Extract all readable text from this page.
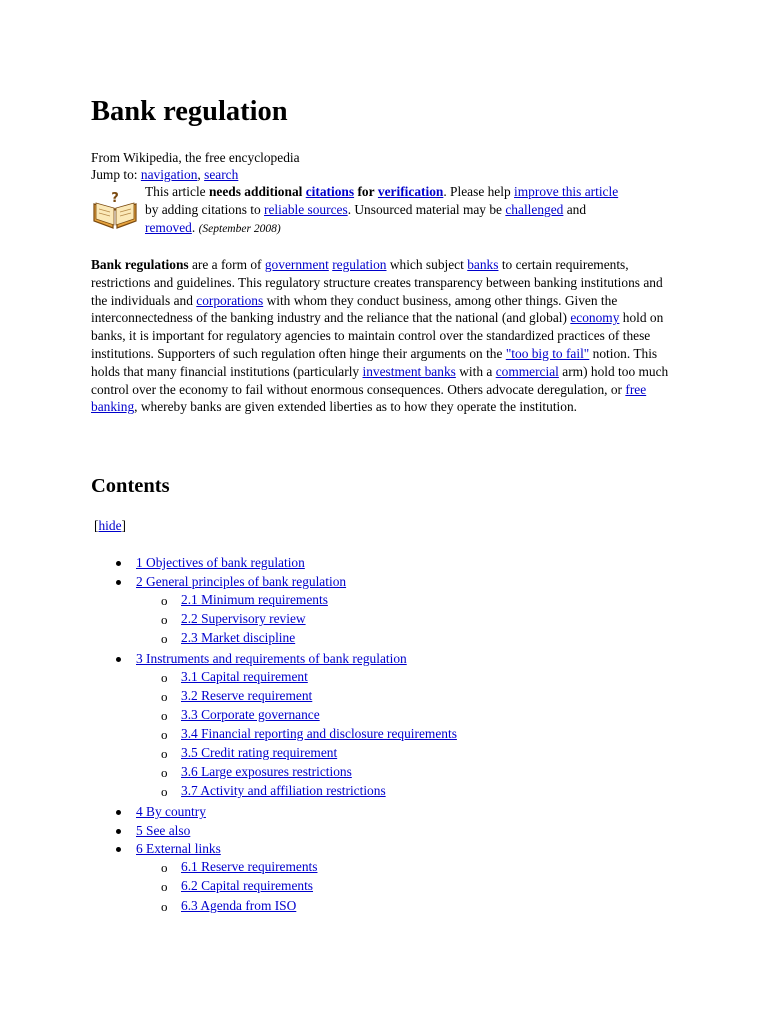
Bank regulation
From Wikipedia, the free encyclopedia
Jump to: navigation, search
? This article needs additional citations for verification. Please help improve this article
by adding citations to reliable sources. Unsourced material may be challenged and
removed. (September 2008)

Bank regulations are a form of government regulation which subject banks to certain requirements, restrictions and guidelines. This regulatory structure creates transparency between banking institutions and the individuals and corporations with whom they conduct business, among other things. Given the interconnectedness of the banking industry and the reliance that the national (and global) economy hold on banks, it is important for regulatory agencies to maintain control over the standardized practices of these institutions. Supporters of such regulation often hinge their arguments on the "too big to fail" notion. This holds that many financial institutions (particularly investment banks with a commercial arm) hold too much control over the economy to fail without enormous consequences. Others advocate deregulation, or free banking, whereby banks are given extended liberties as to how they operate the institution.

Contents
[hide]
1 Objectives of bank regulation
2 General principles of bank regulation
o 2.1 Minimum requirements
o 2.2 Supervisory review
o 2.3 Market discipline
3 Instruments and requirements of bank regulation
o 3.1 Capital requirement
o 3.2 Reserve requirement
o 3.3 Corporate governance
o 3.4 Financial reporting and disclosure requirements
o 3.5 Credit rating requirement
o 3.6 Large exposures restrictions
o 3.7 Activity and affiliation restrictions
4 By country
5 See also
6 External links
o 6.1 Reserve requirements
o 6.2 Capital requirements
o 6.3 Agenda from ISO
